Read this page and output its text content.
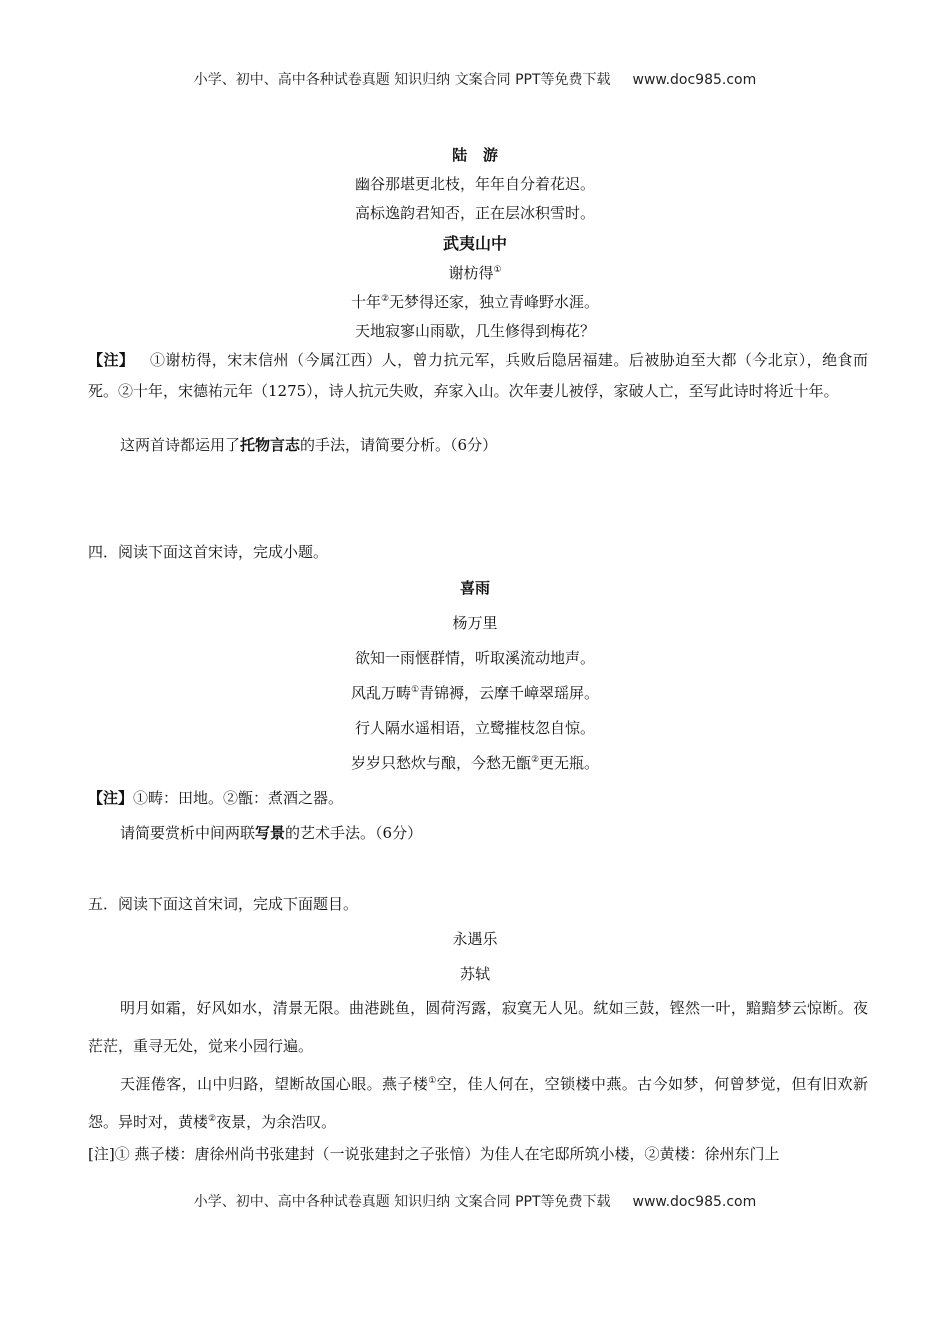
小学、初中、高中各种试卷真题 知识归纳 文案合同 PPT等免费下载 www.doc985.com
陆   游
幽谷那堪更北枝，年年自分着花迟。
高标逸韵君知否，正在层冰积雪时。
武夷山中
谢枋得①
十年②无梦得还家，独立青峰野水涯。
天地寂寥山雨歇，几生修得到梅花？
【注】 ①谢枋得，宋末信州（今属江西）人，曾力抗元军，兵败后隐居福建。后被胁迫至大都（今北京），绝食而死。②十年，宋德祐元年（1275），诗人抗元失败，弃家入山。次年妻儿被俘，家破人亡，至写此诗时将近十年。
这两首诗都运用了托物言志的手法，请简要分析。（6分）
四．阅读下面这首宋诗，完成小题。
喜雨
杨万里
欲知一雨惬群情，听取溪流动地声。
风乱万畴①青锦褥，云摩千嶂翠瑶屏。
行人隔水遥相语，立鹭摧枝忽自惊。
岁岁只愁炊与酿，今愁无甑②更无瓶。
【注】①畴：田地。②甑：煮酒之器。
请简要赏析中间两联写景的艺术手法。（6分）
五．阅读下面这首宋词，完成下面题目。
永遇乐
苏轼
明月如霜，好风如水，清景无限。曲港跳鱼，圆荷泻露，寂寞无人见。紞如三鼓，铿然一叶，黯黯梦云惊断。夜茫茫，重寻无处，觉来小园行遍。
天涯倦客，山中归路，望断故国心眼。燕子楼①空，佳人何在，空锁楼中燕。古今如梦，何曾梦觉，但有旧欢新怨。异时对，黄楼②夜景，为余浩叹。
[注]① 燕子楼：唐徐州尚书张建封（一说张建封之子张愔）为佳人在宅邸所筑小楼，②黄楼：徐州东门上
小学、初中、高中各种试卷真题 知识归纳 文案合同 PPT等免费下载 www.doc985.com
